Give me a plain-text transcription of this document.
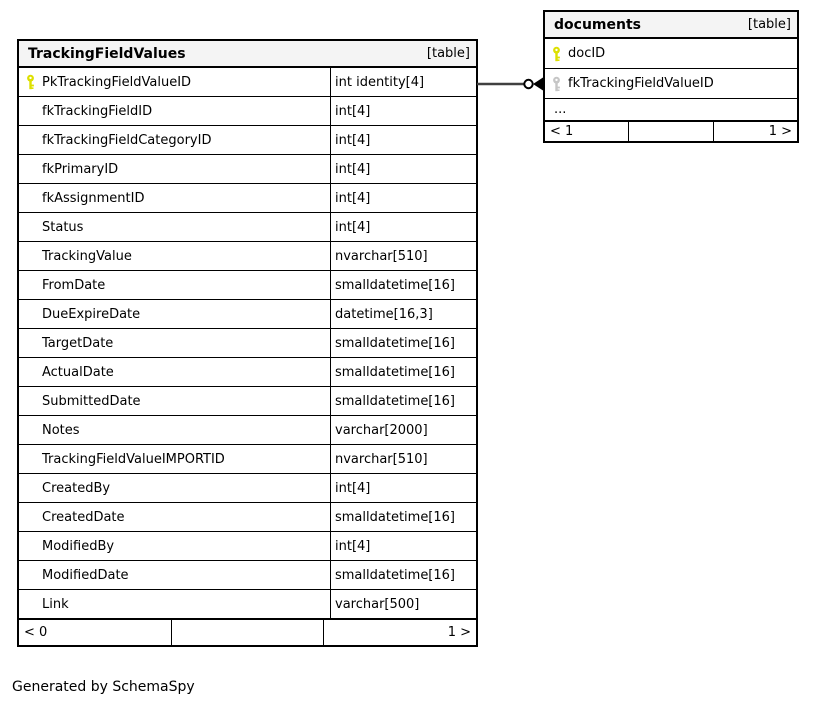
TrackingFieldValues	[table]
PkTrackingFieldValueID	int identity[4]
fkTrackingFieldID	int[4]
fkTrackingFieldCategoryID	int[4]
fkPrimaryID	int[4]
fkAssignmentID	int[4]
Status	int[4]
TrackingValue	nvarchar[510]
FromDate	smalldatetime[16]
DueExpireDate	datetime[16,3]
TargetDate	smalldatetime[16]
ActualDate	smalldatetime[16]
SubmittedDate	smalldatetime[16]
Notes	varchar[2000]
TrackingFieldValueIMPORTID	nvarchar[510]
CreatedBy	int[4]
CreatedDate	smalldatetime[16]
ModifiedBy	int[4]
ModifiedDate	smalldatetime[16]
Link	varchar[500]
< 0	1 >
documents	[table]
docID
fkTrackingFieldValueID
...
< 1	1 >
Generated by SchemaSpy
